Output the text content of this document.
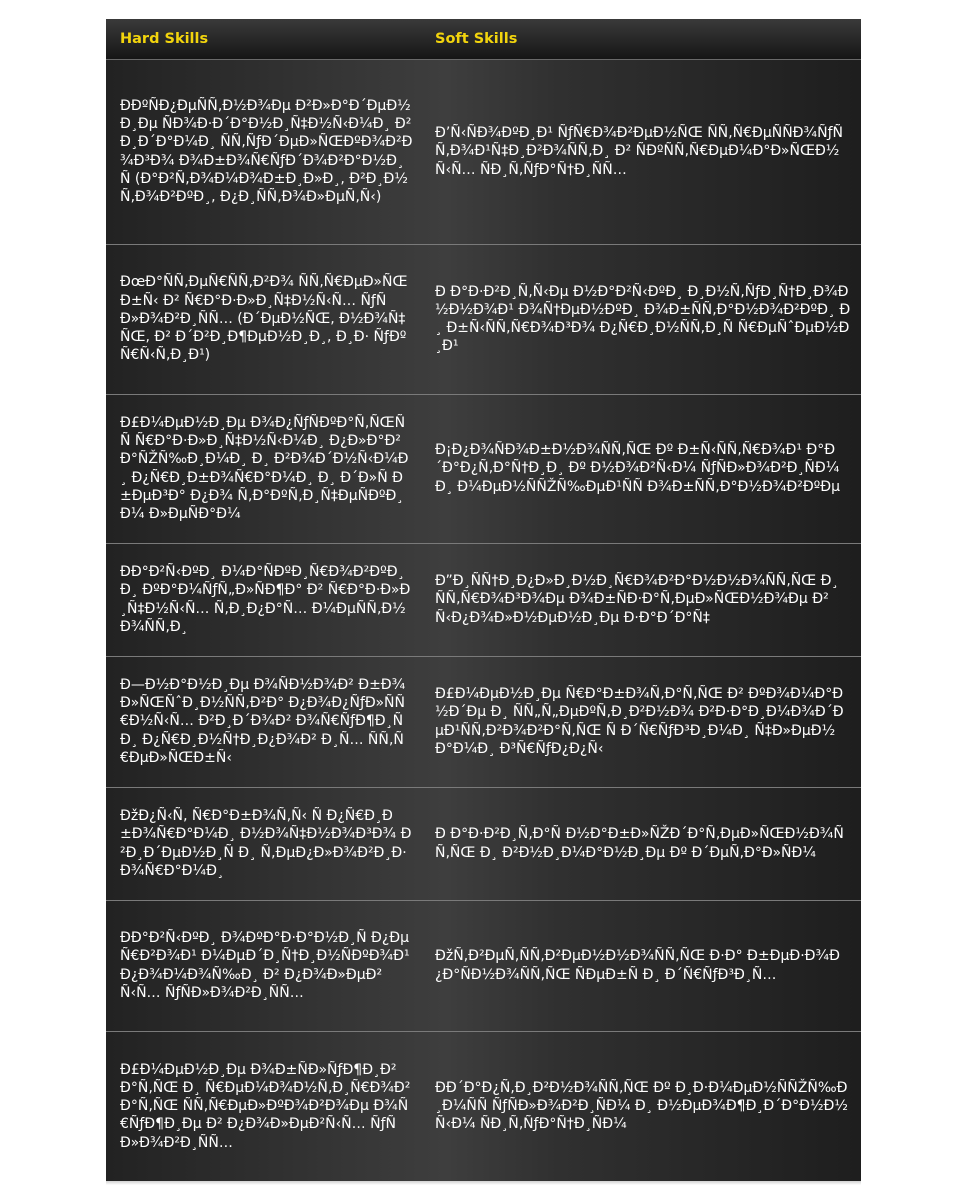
Hard Skills	Soft Skills
ÐÐºÑÐ¿ÐµÑÑ‚Ð½Ð¾Ðµ Ð²Ð»Ð°Ð´ÐµÐ½Ð¸Ðµ ÑÐ¾Ð·Ð´Ð°Ð½Ð¸Ñ‡Ð½Ñ‹Ð¼Ð¸ Ð²Ð¸Ð´Ð°Ð¼Ð¸ ÑÑ‚ÑƒÐ´ÐµÐ»ÑŒÐºÐ¾Ð²Ð¾Ð³Ð¾ Ð¾Ð±Ð¾Ñ€ÑƒÐ´Ð¾Ð²Ð°Ð½Ð¸Ñ (Ð°Ð²Ñ‚Ð¾Ð¼Ð¾Ð±Ð¸Ð»Ð¸, Ð²Ð¸Ð½Ñ‚Ð¾Ð²ÐºÐ¸, Ð¿Ð¸ÑÑ‚Ð¾Ð»ÐµÑ‚Ñ‹)	Ð’Ñ‹ÑÐ¾ÐºÐ¸Ð¹ ÑƒÑ€Ð¾Ð²ÐµÐ½ÑŒ ÑÑ‚Ñ€ÐµÑÑÐ¾ÑƒÑÑ‚Ð¾Ð¹Ñ‡Ð¸Ð²Ð¾ÑÑ‚Ð¸ Ð² ÑÐºÑÑ‚Ñ€ÐµÐ¼Ð°Ð»ÑŒÐ½Ñ‹Ñ… ÑÐ¸Ñ‚ÑƒÐ°Ñ†Ð¸ÑÑ…
ÐœÐ°ÑÑ‚ÐµÑ€ÑÑ‚Ð²Ð¾ ÑÑ‚Ñ€ÐµÐ»ÑŒÐ±Ñ‹ Ð² Ñ€Ð°Ð·Ð»Ð¸Ñ‡Ð½Ñ‹Ñ… ÑƒÑÐ»Ð¾Ð²Ð¸ÑÑ… (Ð´ÐµÐ½ÑŒ, Ð½Ð¾Ñ‡ÑŒ, Ð² Ð´Ð²Ð¸Ð¶ÐµÐ½Ð¸Ð¸, Ð¸Ð· ÑƒÐºÑ€Ñ‹Ñ‚Ð¸Ð¹)	Ð Ð°Ð·Ð²Ð¸Ñ‚Ñ‹Ðµ Ð½Ð°Ð²Ñ‹ÐºÐ¸ Ð¸Ð½Ñ‚ÑƒÐ¸Ñ†Ð¸Ð¾Ð½Ð½Ð¾Ð¹ Ð¾Ñ†ÐµÐ½ÐºÐ¸ Ð¾Ð±ÑÑ‚Ð°Ð½Ð¾Ð²ÐºÐ¸ Ð¸ Ð±Ñ‹ÑÑ‚Ñ€Ð¾Ð³Ð¾ Ð¿Ñ€Ð¸Ð½ÑÑ‚Ð¸Ñ Ñ€ÐµÑˆÐµÐ½Ð¸Ð¹
Ð£Ð¼ÐµÐ½Ð¸Ðµ Ð¾Ð¿ÑƒÑÐºÐ°Ñ‚ÑŒÑÑ Ñ€Ð°Ð·Ð»Ð¸Ñ‡Ð½Ñ‹Ð¼Ð¸ Ð¿Ð»Ð°Ð²Ð°ÑŽÑ‰Ð¸Ð¼Ð¸ Ð¸ Ð²Ð¾Ð´Ð½Ñ‹Ð¼Ð¸ Ð¿Ñ€Ð¸Ð±Ð¾Ñ€Ð°Ð¼Ð¸ Ð¸ Ð´Ð»Ñ Ð±ÐµÐ³Ð° Ð¿Ð¾ Ñ‚Ð°ÐºÑ‚Ð¸Ñ‡ÐµÑÐºÐ¸Ð¼ Ð»ÐµÑÐ°Ð¼	Ð¡Ð¿Ð¾ÑÐ¾Ð±Ð½Ð¾ÑÑ‚ÑŒ Ðº Ð±Ñ‹ÑÑ‚Ñ€Ð¾Ð¹ Ð°Ð´Ð°Ð¿Ñ‚Ð°Ñ†Ð¸Ð¸ Ðº Ð½Ð¾Ð²Ñ‹Ð¼ ÑƒÑÐ»Ð¾Ð²Ð¸ÑÐ¼ Ð¸ Ð¼ÐµÐ½ÑÑŽÑ‰ÐµÐ¹ÑÑ Ð¾Ð±ÑÑ‚Ð°Ð½Ð¾Ð²ÐºÐµ
ÐÐ°Ð²Ñ‹ÐºÐ¸ Ð¼Ð°ÑÐºÐ¸Ñ€Ð¾Ð²ÐºÐ¸ Ð¸ ÐºÐ°Ð¼ÑƒÑ„Ð»ÑÐ¶Ð° Ð² Ñ€Ð°Ð·Ð»Ð¸Ñ‡Ð½Ñ‹Ñ… Ñ‚Ð¸Ð¿Ð°Ñ… Ð¼ÐµÑÑ‚Ð½Ð¾ÑÑ‚Ð¸	Ð”Ð¸ÑÑ†Ð¸Ð¿Ð»Ð¸Ð½Ð¸Ñ€Ð¾Ð²Ð°Ð½Ð½Ð¾ÑÑ‚ÑŒ Ð¸ ÑÑ‚Ñ€Ð¾Ð³Ð¾Ðµ Ð¾Ð±ÑÐ·Ð°Ñ‚ÐµÐ»ÑŒÐ½Ð¾Ðµ Ð²Ñ‹Ð¿Ð¾Ð»Ð½ÐµÐ½Ð¸Ðµ Ð·Ð°Ð´Ð°Ñ‡
Ð—Ð½Ð°Ð½Ð¸Ðµ Ð¾ÑÐ½Ð¾Ð² Ð±Ð¾Ð»ÑŒÑˆÐ¸Ð½ÑÑ‚Ð²Ð° Ð¿Ð¾Ð¿ÑƒÐ»ÑÑ€Ð½Ñ‹Ñ… Ð²Ð¸Ð´Ð¾Ð² Ð¾Ñ€ÑƒÐ¶Ð¸Ñ Ð¸ Ð¿Ñ€Ð¸Ð½Ñ†Ð¸Ð¿Ð¾Ð² Ð¸Ñ… ÑÑ‚Ñ€ÐµÐ»ÑŒÐ±Ñ‹	Ð£Ð¼ÐµÐ½Ð¸Ðµ Ñ€Ð°Ð±Ð¾Ñ‚Ð°Ñ‚ÑŒ Ð² ÐºÐ¾Ð¼Ð°Ð½Ð´Ðµ Ð¸ ÑÑ„Ñ„ÐµÐºÑ‚Ð¸Ð²Ð½Ð¾ Ð²Ð·Ð°Ð¸Ð¼Ð¾Ð´ÐµÐ¹ÑÑ‚Ð²Ð¾Ð²Ð°Ñ‚ÑŒ Ñ Ð´Ñ€ÑƒÐ³Ð¸Ð¼Ð¸ Ñ‡Ð»ÐµÐ½Ð°Ð¼Ð¸ Ð³Ñ€ÑƒÐ¿Ð¿Ñ‹
ÐžÐ¿Ñ‹Ñ‚ Ñ€Ð°Ð±Ð¾Ñ‚Ñ‹ Ñ Ð¿Ñ€Ð¸Ð±Ð¾Ñ€Ð°Ð¼Ð¸ Ð½Ð¾Ñ‡Ð½Ð¾Ð³Ð¾ Ð²Ð¸Ð´ÐµÐ½Ð¸Ñ Ð¸ Ñ‚ÐµÐ¿Ð»Ð¾Ð²Ð¸Ð·Ð¾Ñ€Ð°Ð¼Ð¸	Ð Ð°Ð·Ð²Ð¸Ñ‚Ð°Ñ Ð½Ð°Ð±Ð»ÑŽÐ´Ð°Ñ‚ÐµÐ»ÑŒÐ½Ð¾ÑÑ‚ÑŒ Ð¸ Ð²Ð½Ð¸Ð¼Ð°Ð½Ð¸Ðµ Ðº Ð´ÐµÑ‚Ð°Ð»ÑÐ¼
ÐÐ°Ð²Ñ‹ÐºÐ¸ Ð¾ÐºÐ°Ð·Ð°Ð½Ð¸Ñ Ð¿ÐµÑ€Ð²Ð¾Ð¹ Ð¼ÐµÐ´Ð¸Ñ†Ð¸Ð½ÑÐºÐ¾Ð¹ Ð¿Ð¾Ð¼Ð¾Ñ‰Ð¸ Ð² Ð¿Ð¾Ð»ÐµÐ²Ñ‹Ñ… ÑƒÑÐ»Ð¾Ð²Ð¸ÑÑ…	ÐžÑ‚Ð²ÐµÑ‚ÑÑ‚Ð²ÐµÐ½Ð½Ð¾ÑÑ‚ÑŒ Ð·Ð° Ð±ÐµÐ·Ð¾Ð¿Ð°ÑÐ½Ð¾ÑÑ‚ÑŒ ÑÐµÐ±Ñ Ð¸ Ð´Ñ€ÑƒÐ³Ð¸Ñ…
Ð£Ð¼ÐµÐ½Ð¸Ðµ Ð¾Ð±ÑÐ»ÑƒÐ¶Ð¸Ð²Ð°Ñ‚ÑŒ Ð¸ Ñ€ÐµÐ¼Ð¾Ð½Ñ‚Ð¸Ñ€Ð¾Ð²Ð°Ñ‚ÑŒ ÑÑ‚Ñ€ÐµÐ»ÐºÐ¾Ð²Ð¾Ðµ Ð¾Ñ€ÑƒÐ¶Ð¸Ðµ Ð² Ð¿Ð¾Ð»ÐµÐ²Ñ‹Ñ… ÑƒÑÐ»Ð¾Ð²Ð¸ÑÑ…	ÐÐ´Ð°Ð¿Ñ‚Ð¸Ð²Ð½Ð¾ÑÑ‚ÑŒ Ðº Ð¸Ð·Ð¼ÐµÐ½ÑÑŽÑ‰Ð¸Ð¼ÑÑ ÑƒÑÐ»Ð¾Ð²Ð¸ÑÐ¼ Ð¸ Ð½ÐµÐ¾Ð¶Ð¸Ð´Ð°Ð½Ð½Ñ‹Ð¼ ÑÐ¸Ñ‚ÑƒÐ°Ñ†Ð¸ÑÐ¼
